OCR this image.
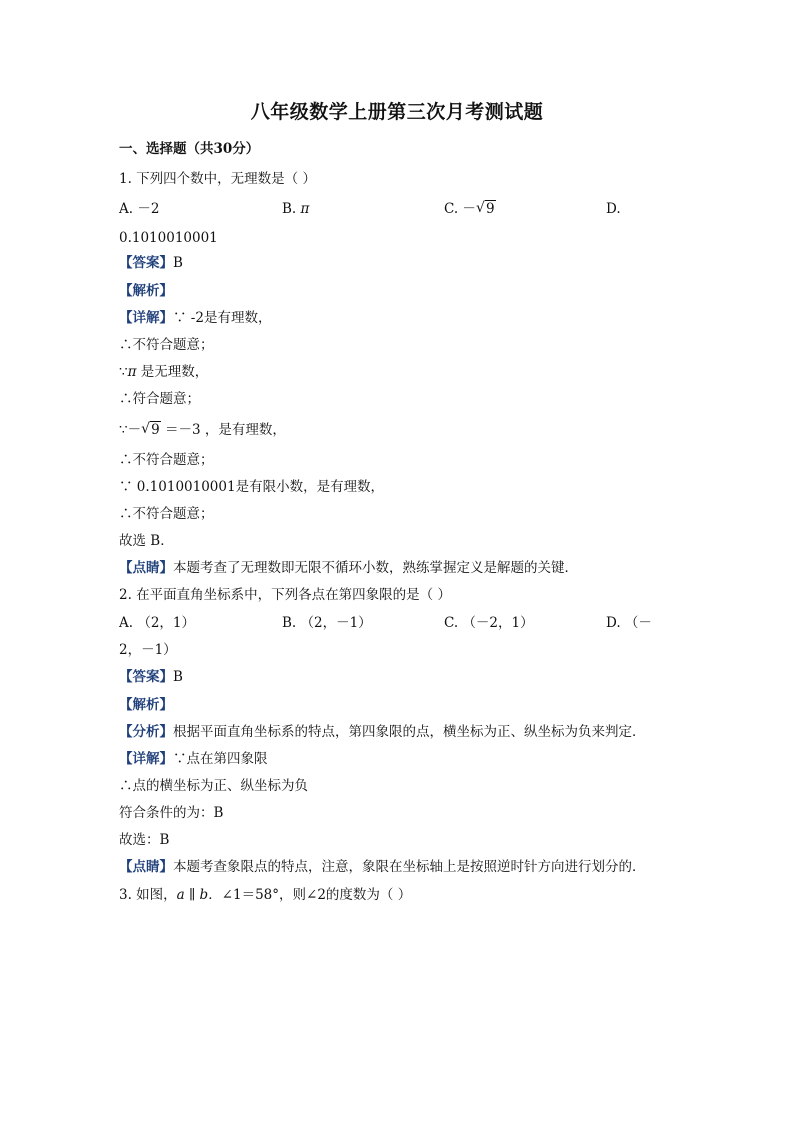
八年级数学上册第三次月考测试题
一、选择题（共30分）
1. 下列四个数中，无理数是（ ）
A. －2	B. π	C. － √ 9	D.
0.1010010001
【答案】B
【解析】
【详解】∵ -2是有理数，
∴不符合题意；
∵π 是无理数，
∴符合题意；
∵－ √ 9 ＝－3 ，是有理数，
∴不符合题意；
∵ 0.1010010001是有限小数，是有理数，
∴不符合题意；
故选 B．
【点睛】本题考查了无理数即无限不循环小数，熟练掌握定义是解题的关键．
2. 在平面直角坐标系中，下列各点在第四象限的是（ ）
A. （2，1）	B. （2，－1）	C. （－2，1）	D. （－
2，－1）
【答案】B
【解析】
【分析】根据平面直角坐标系的特点，第四象限的点，横坐标为正、纵坐标为负来判定．
【详解】∵点在第四象限
∴点的横坐标为正、纵坐标为负
符合条件的为：B
故选：B
【点睛】本题考查象限点的特点，注意，象限在坐标轴上是按照逆时针方向进行划分的．
3. 如图，a ∥ b．∠1＝58°，则∠2的度数为（ ）
